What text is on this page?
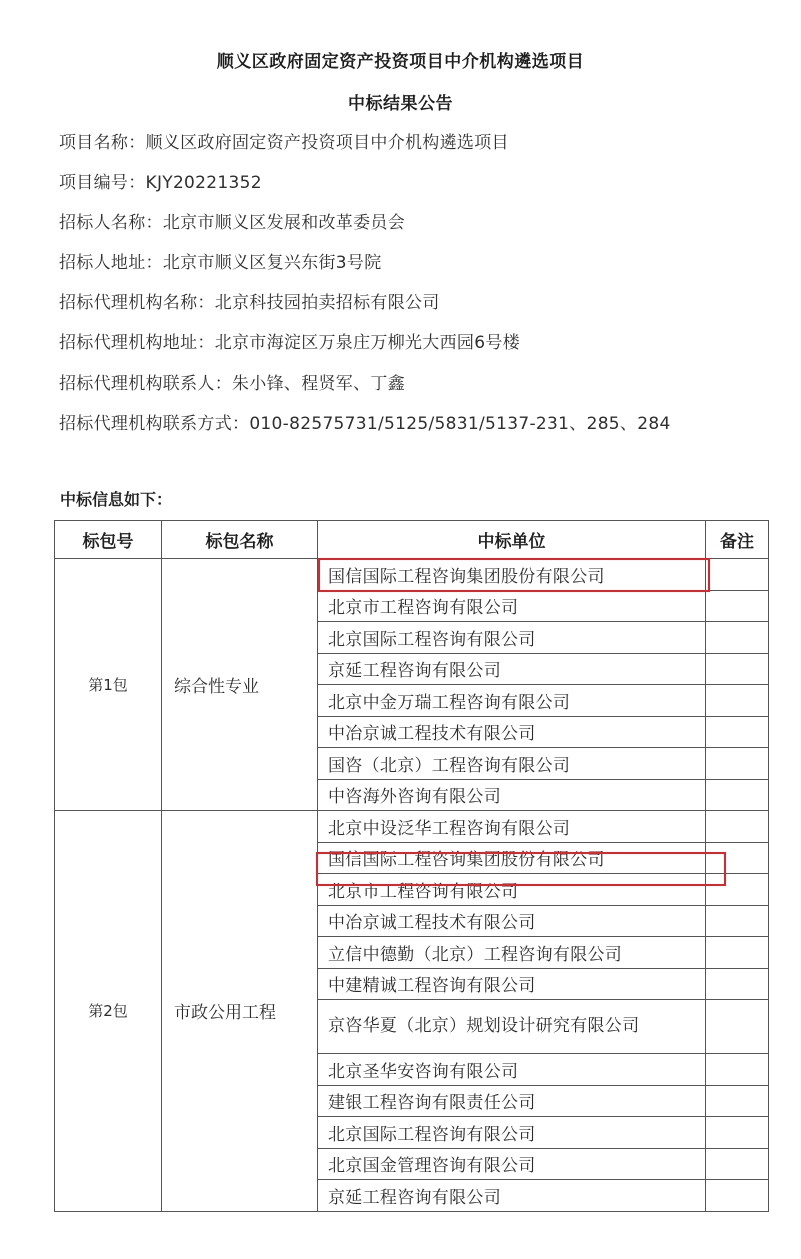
顺义区政府固定资产投资项目中介机构遴选项目
中标结果公告
项目名称：顺义区政府固定资产投资项目中介机构遴选项目
项目编号：KJY20221352
招标人名称：北京市顺义区发展和改革委员会
招标人地址：北京市顺义区复兴东街3号院
招标代理机构名称：北京科技园拍卖招标有限公司
招标代理机构地址：北京市海淀区万泉庄万柳光大西园6号楼
招标代理机构联系人：朱小锋、程贤军、丁鑫
招标代理机构联系方式：010-82575731/5125/5831/5137-231、285、284
中标信息如下：
标包号	标包名称	中标单位	备注
第1包	综合性专业	国信国际工程咨询集团股份有限公司	
		北京市工程咨询有限公司	
		北京国际工程咨询有限公司	
		京延工程咨询有限公司	
		北京中金万瑞工程咨询有限公司	
		中冶京诚工程技术有限公司	
		国咨（北京）工程咨询有限公司	
		中咨海外咨询有限公司	
第2包	市政公用工程	北京中设泛华工程咨询有限公司	
		国信国际工程咨询集团股份有限公司	
		北京市工程咨询有限公司	
		中冶京诚工程技术有限公司	
		立信中德勤（北京）工程咨询有限公司	
		中建精诚工程咨询有限公司	
		京咨华夏（北京）规划设计研究有限公司	
		北京圣华安咨询有限公司	
		建银工程咨询有限责任公司	
		北京国际工程咨询有限公司	
		北京国金管理咨询有限公司	
		京延工程咨询有限公司	
